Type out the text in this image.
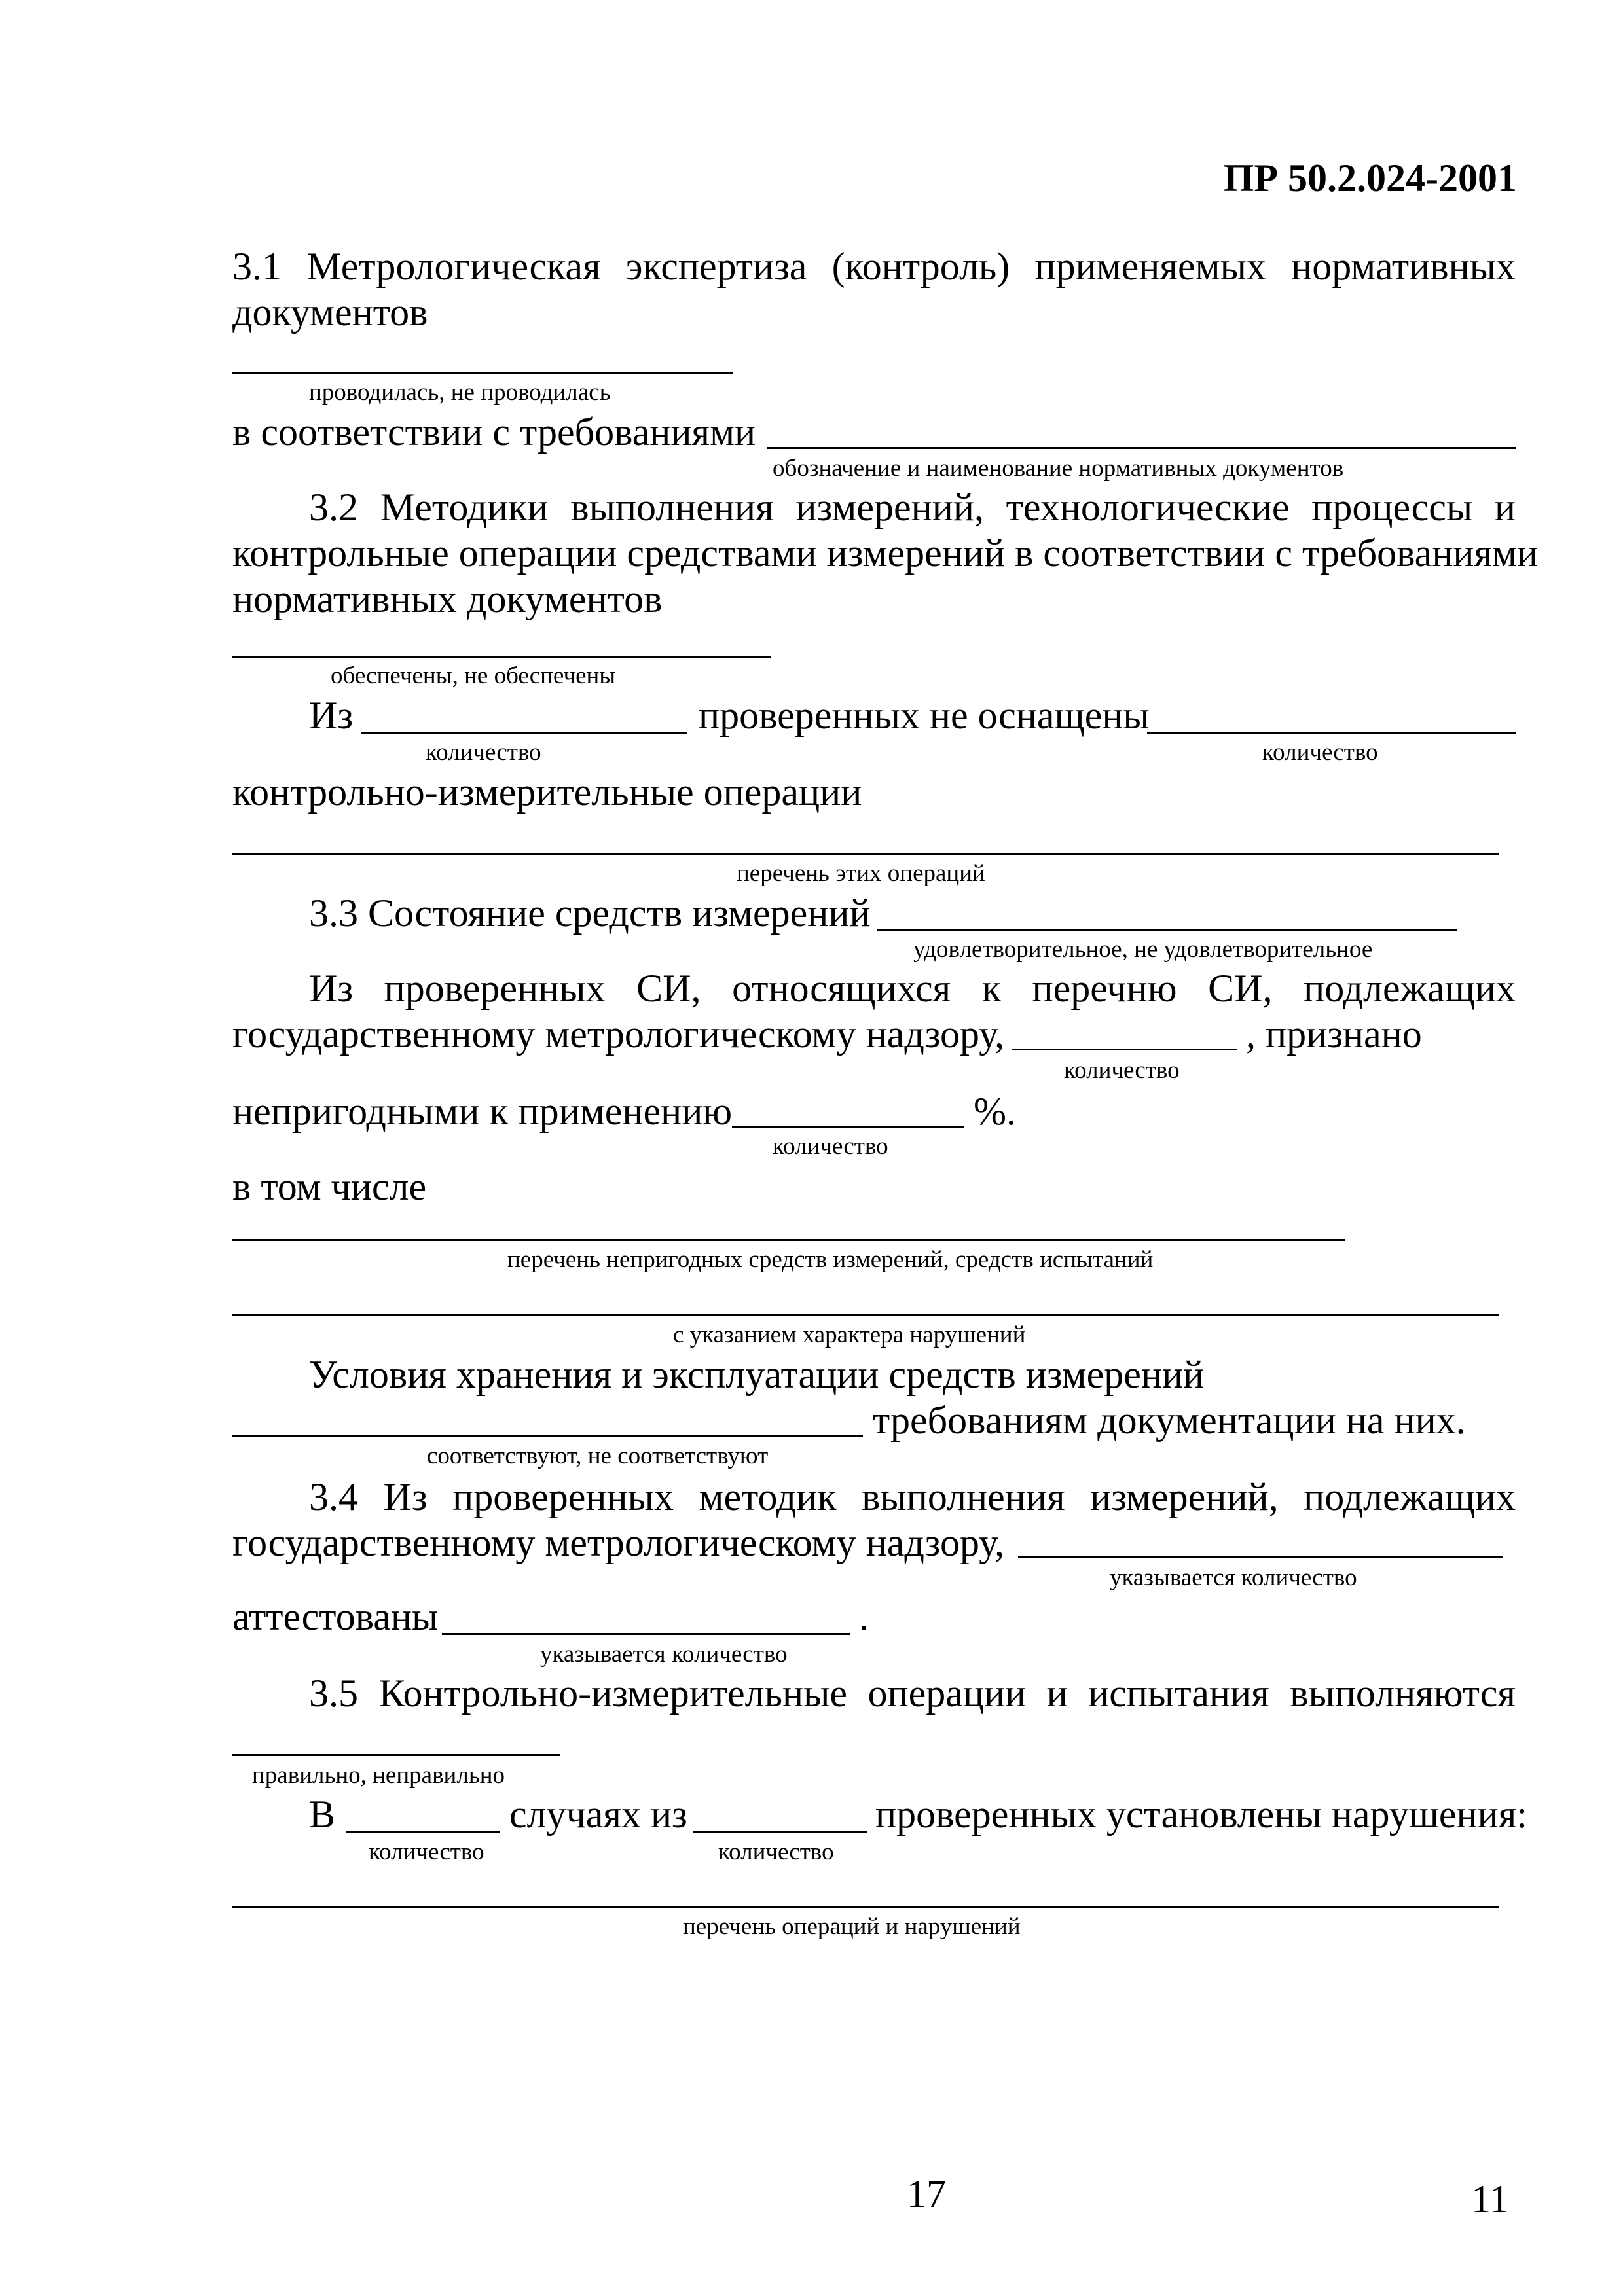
ПР 50.2.024-2001
3.1 Метрологическая экспертиза (контроль) применяемых нормативных
документов
проводилась, не проводилась
в соответствии с требованиями
обозначение и наименование нормативных документов
3.2 Методики выполнения измерений, технологические процессы и
контрольные операции средствами измерений в соответствии с требованиями
нормативных документов
обеспечены, не обеспечены
Из	проверенных не оснащены
количество	количество
контрольно-измерительные операции
перечень этих операций
3.3 Состояние средств измерений
удовлетворительное, не удовлетворительное
Из проверенных СИ, относящихся к перечню СИ, подлежащих
государственному метрологическому надзору,	, признано
количество
непригодными к применению	%.
количество
в том числе
перечень непригодных средств измерений, средств испытаний
с указанием характера нарушений
Условия хранения и эксплуатации средств измерений
требованиям документации на них.
соответствуют, не соответствуют
3.4 Из проверенных методик выполнения измерений, подлежащих
государственному метрологическому надзору,
указывается количество
аттестованы	.
указывается количество
3.5 Контрольно-измерительные операции и испытания выполняются
правильно, неправильно
В	случаях из	проверенных установлены нарушения:
количество	количество
перечень операций и нарушений
17	11
